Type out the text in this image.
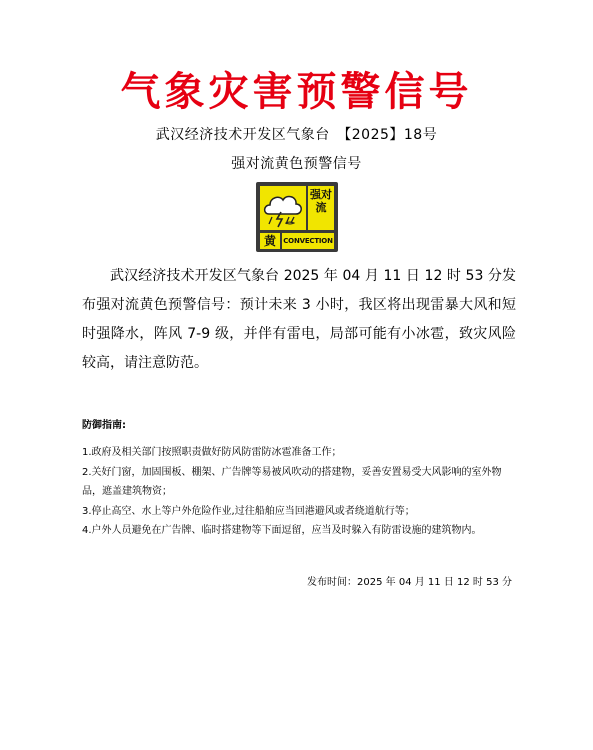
气象灾害预警信号
武汉经济技术开发区气象台　【2025】18号
强对流黄色预警信号
强对流
黄	CONVECTION
武汉经济技术开发区气象台 2025 年 04 月 11 日 12 时 53 分发布强对流黄色预警信号：预计未来 3 小时，我区将出现雷暴大风和短时强降水，阵风 7-9 级，并伴有雷电，局部可能有小冰雹，致灾风险较高，请注意防范。
防御指南:
1.政府及相关部门按照职责做好防风防雷防冰雹准备工作；
2.关好门窗，加固围板、棚架、广告牌等易被风吹动的搭建物，妥善安置易受大风影响的室外物品，遮盖建筑物资；
3.停止高空、水上等户外危险作业,过往船舶应当回港避风或者绕道航行等；
4.户外人员避免在广告牌、临时搭建物等下面逗留，应当及时躲入有防雷设施的建筑物内。
发布时间：2025 年 04 月 11 日 12 时 53 分
